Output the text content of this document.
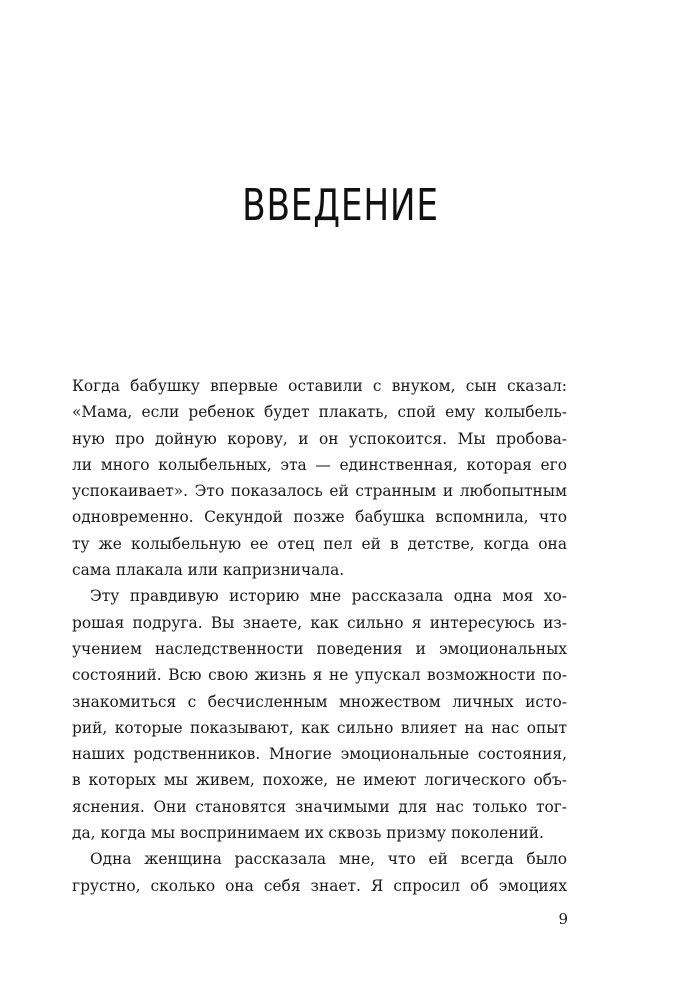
ВВЕДЕНИЕ
Когда бабушку впервые оставили с внуком, сын сказал:
«Мама, если ребенок будет плакать, спой ему колыбель-
ную про дойную корову, и он успокоится. Мы пробова-
ли много колыбельных, эта — единственная, которая его
успокаивает». Это показалось ей странным и любопытным
одновременно. Секундой позже бабушка вспомнила, что
ту же колыбельную ее отец пел ей в детстве, когда она
сама плакала или капризничала.
Эту правдивую историю мне рассказала одна моя хо-
рошая подруга. Вы знаете, как сильно я интересуюсь из-
учением наследственности поведения и эмоциональных
состояний. Всю свою жизнь я не упускал возможности по-
знакомиться с бесчисленным множеством личных исто-
рий, которые показывают, как сильно влияет на нас опыт
наших родственников. Многие эмоциональные состояния,
в которых мы живем, похоже, не имеют логического объ-
яснения. Они становятся значимыми для нас только тог-
да, когда мы воспринимаем их сквозь призму поколений.
Одна женщина рассказала мне, что ей всегда было
грустно, сколько она себя знает. Я спросил об эмоциях
9
